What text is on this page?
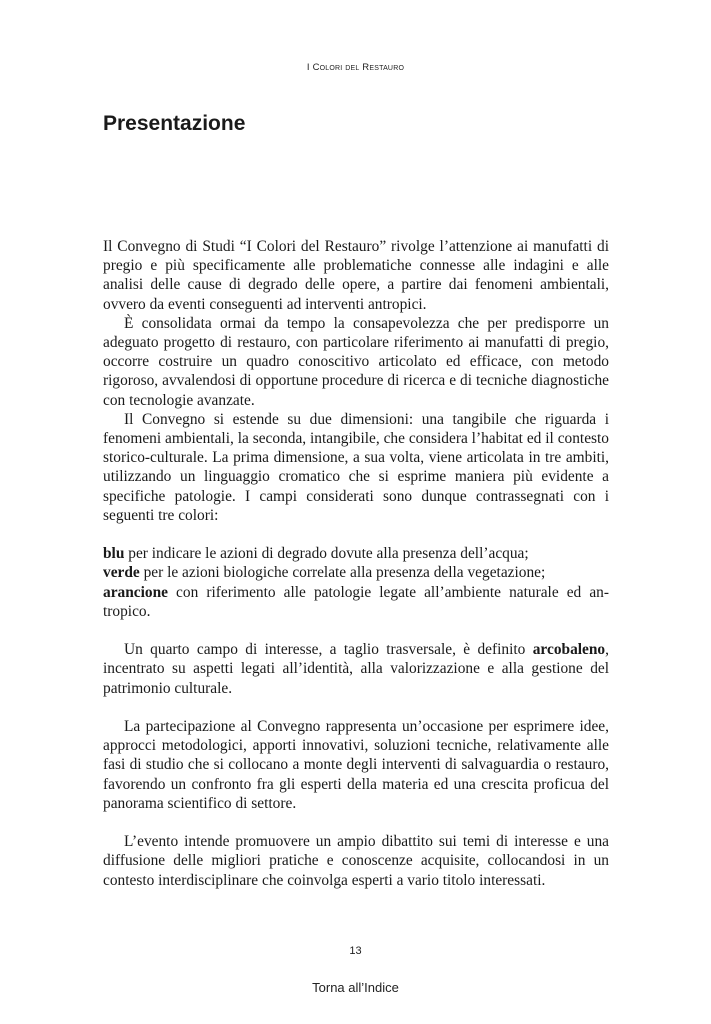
I Colori del Restauro
Presentazione

Il Convegno di Studi “I Colori del Restauro” rivolge l’attenzione ai manufatti di pregio e più specificamente alle problematiche connesse alle indagini e alle analisi delle cause di degrado delle opere, a partire dai fenomeni ambientali, ovvero da eventi conseguenti ad interventi antropici.

È consolidata ormai da tempo la consapevolezza che per predisporre un adeguato progetto di restauro, con particolare riferimento ai manufatti di pregio, occorre costruire un quadro conoscitivo articolato ed efficace, con metodo rigoroso, avvalendosi di opportune procedure di ricerca e di tecniche diagnostiche con tecnologie avanzate.

Il Convegno si estende su due dimensioni: una tangibile che riguarda i fenomeni ambientali, la seconda, intangibile, che considera l’habitat ed il contesto storico-culturale. La prima dimensione, a sua volta, viene articolata in tre ambiti, utilizzando un linguaggio cromatico che si esprime maniera più evidente a specifiche patologie. I campi considerati sono dunque contrassegnati con i seguenti tre colori:

blu per indicare le azioni di degrado dovute alla presenza dell’acqua;

verde per le azioni biologiche correlate alla presenza della vegetazione;

arancione con riferimento alle patologie legate all’ambiente naturale ed antropico.

Un quarto campo di interesse, a taglio trasversale, è definito arcobaleno, incentrato su aspetti legati all’identità, alla valorizzazione e alla gestione del patrimonio culturale.

La partecipazione al Convegno rappresenta un’occasione per esprimere idee, approcci metodologici, apporti innovativi, soluzioni tecniche, relativamente alle fasi di studio che si collocano a monte degli interventi di salvaguardia o restauro, favorendo un confronto fra gli esperti della materia ed una crescita proficua del panorama scientifico di settore.

L’evento intende promuovere un ampio dibattito sui temi di interesse e una diffusione delle migliori pratiche e conoscenze acquisite, collocandosi in un contesto interdisciplinare che coinvolga esperti a vario titolo interessati.

13
Torna all’Indice
